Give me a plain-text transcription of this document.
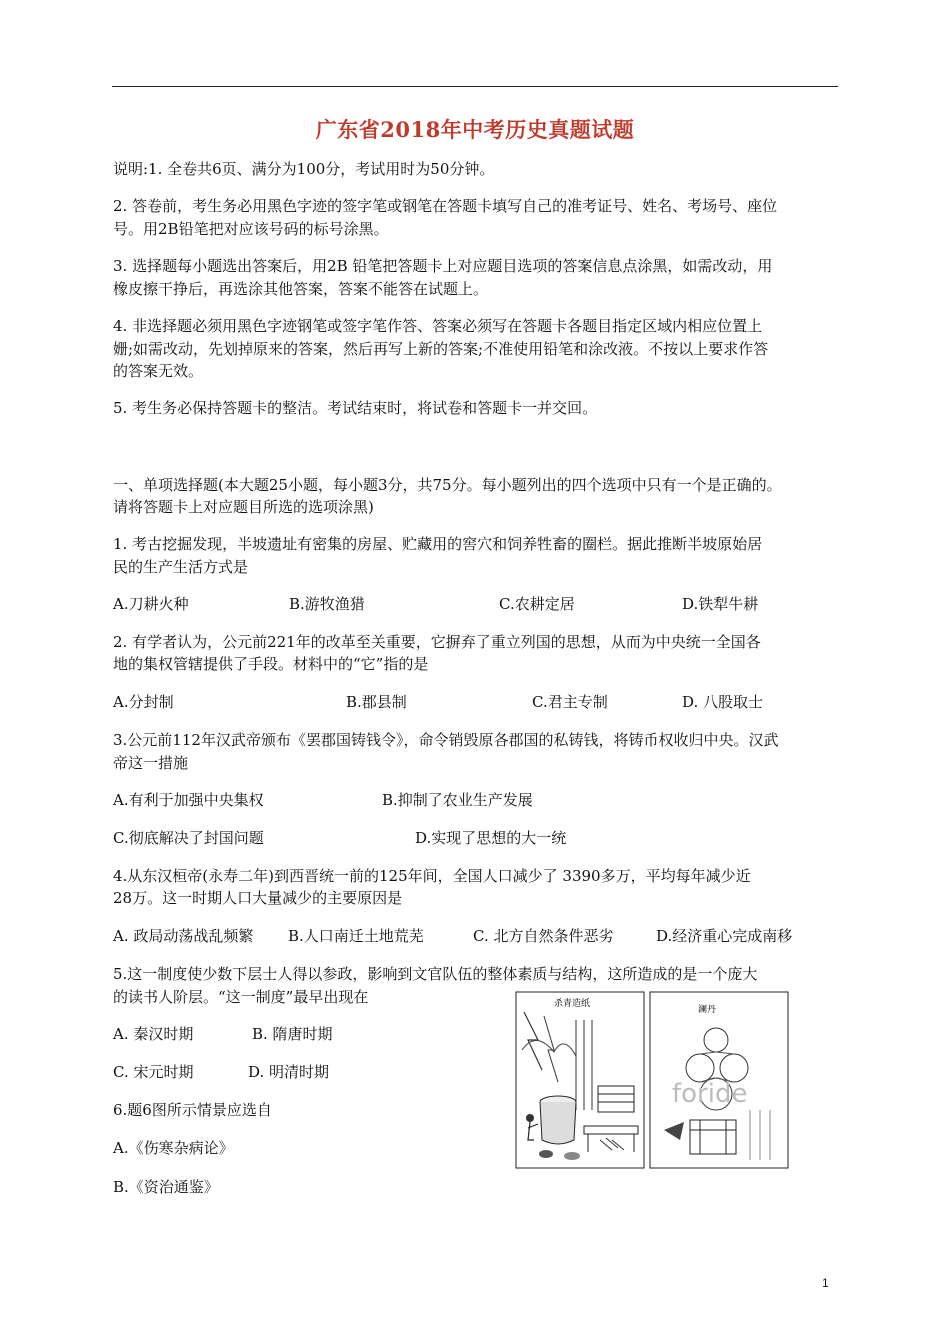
广东省2018年中考历史真题试题
说明:1. 全卷共6页、满分为100分，考试用时为50分钟。
2. 答卷前，考生务必用黑色字迹的签字笔或钢笔在答题卡填写自己的准考证号、姓名、考场号、座位
号。用2B铅笔把对应该号码的标号涂黑。
3. 选择题每小题选出答案后，用2B 铅笔把答题卡上对应题目选项的答案信息点涂黑，如需改动，用
橡皮擦干挣后，再选涂其他答案，答案不能答在试题上。
4. 非选择题必须用黑色字迹钢笔或签字笔作答、答案必须写在答题卡各题目指定区域内相应位置上
姗;如需改动，先划掉原来的答案，然后再写上新的答案;不准使用铅笔和涂改液。不按以上要求作答
的答案无效。
5. 考生务必保持答题卡的整洁。考试结束时，将试卷和答题卡一并交回。
一、单项选择题(本大题25小题，每小题3分，共75分。每小题列出的四个选项中只有一个是正确的。
请将答题卡上对应题目所选的选项涂黑)
1. 考古挖掘发现，半坡遗址有密集的房屋、贮藏用的窖穴和饲养牲畜的圈栏。据此推断半坡原始居
民的生产生活方式是
A.刀耕火种	B.游牧渔猎	C.农耕定居	D.铁犁牛耕
2. 有学者认为，公元前221年的改革至关重要，它摒弃了重立列国的思想，从而为中央统一全国各
地的集权管辖提供了手段。材料中的“它”指的是
A.分封制	B.郡县制	C.君主专制	D. 八股取士
3.公元前112年汉武帝颁布《罢郡国铸钱令》，命令销毁原各郡国的私铸钱，将铸币权收归中央。汉武
帝这一措施
A.有利于加强中央集权	B.抑制了农业生产发展
C.彻底解决了封国问题	D.实现了思想的大一统
4.从东汉桓帝(永寿二年)到西晋统一前的125年间，全国人口减少了 3390多万，平均每年减少近
28万。这一时期人口大量减少的主要原因是
A. 政局动荡战乱频繁 B.人口南迁土地荒芜	C. 北方自然条件恶劣	D.经济重心完成南移
5.这一制度使少数下层士人得以参政，影响到文官队伍的整体素质与结构，这所造成的是一个庞大
的读书人阶层。“这一制度”最早出现在
A. 秦汉时期	B. 隋唐时期
C. 宋元时期	D. 明清时期
6.题6图所示情景应选自
A.《伤寒杂病论》
B.《资治通鉴》
杀青造纸
澜丹
foride
1
